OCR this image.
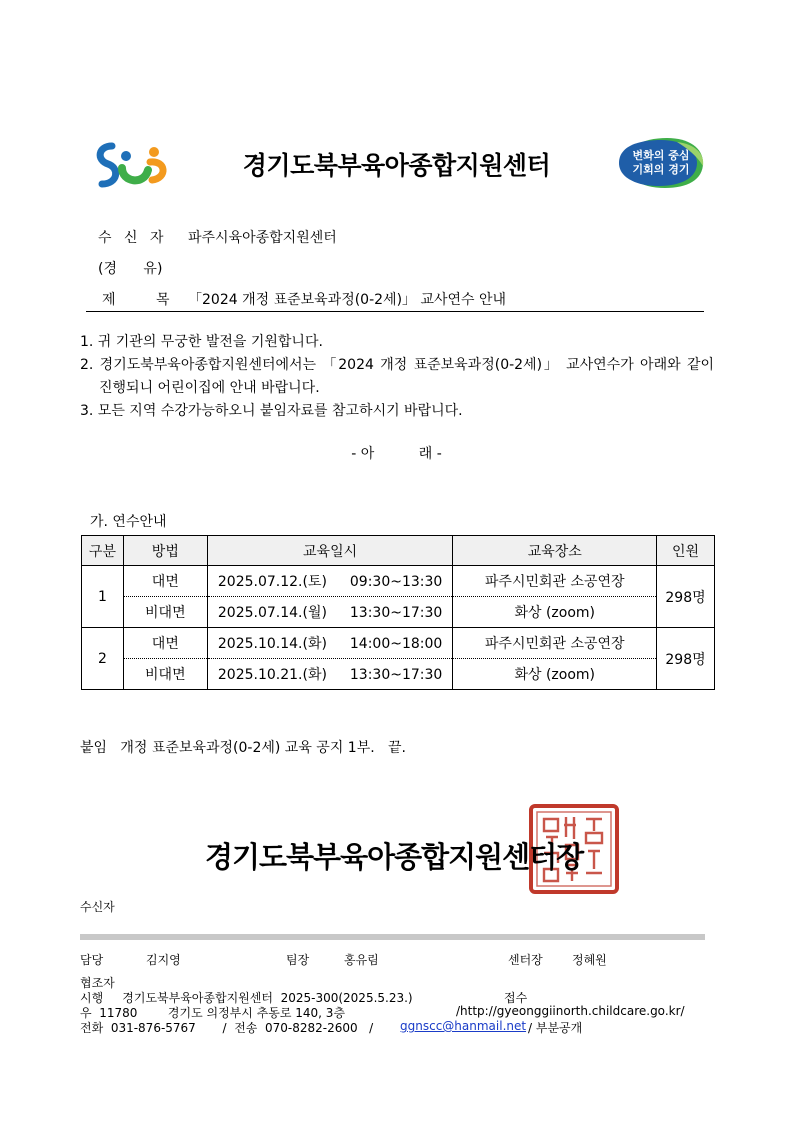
경기도북부육아종합지원센터	변화의 중심
기회의 경기
수 신 자 파주시육아종합지원센터
(경 유)
제 목 「2024 개정 표준보육과정(0-2세)」 교사연수 안내
1. 귀 기관의 무궁한 발전을 기원합니다.
2. 경기도북부육아종합지원센터에서는 「2024 개정 표준보육과정(0-2세)」 교사연수가 아래와 같이
진행되니 어린이집에 안내 바랍니다.
3. 모든 지역 수강가능하오니 붙임자료를 참고하시기 바랍니다.
- 아          래 -
가. 연수안내
구분	방법	교육일시	교육장소	인원
1	대면	2025.07.12.(토) 09:30~13:30	파주시민회관 소공연장	298명
	비대면	2025.07.14.(월) 13:30~17:30	화상 (zoom)	
2	대면	2025.10.14.(화) 14:00~18:00	파주시민회관 소공연장	298명
	비대면	2025.10.21.(화) 13:30~17:30	화상 (zoom)	
붙임   개정 표준보육과정(0-2세) 교육 공지 1부.   끝.
경기도북부육아종합지원센터장
수신자
담당	김지영	팀장	홍유림	센터장 정혜원
협조자
시행     경기도북부육아종합지원센터  2025-300(2025.5.23.)	접수
우  11780        경기도 의정부시 추동로 140, 3층	/http://gyeonggiinorth.childcare.go.kr/
전화  031-876-5767       /  전송  070-8282-2600   / ggnscc@hanmail.net / 부분공개
